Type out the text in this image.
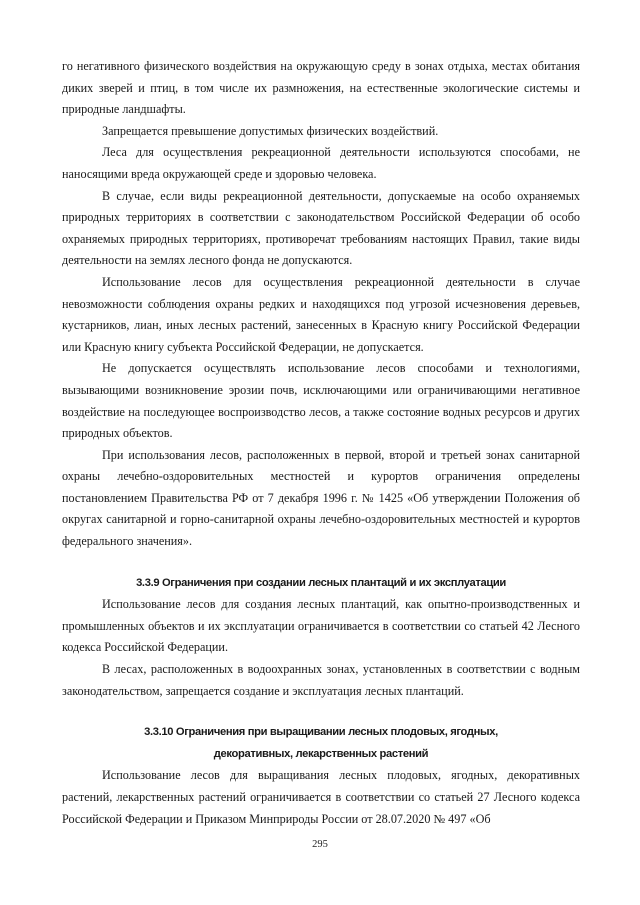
го негативного физического воздействия на окружающую среду в зонах отдыха, местах обитания диких зверей и птиц, в том числе их размножения, на естественные экологические системы и природные ландшафты.

Запрещается превышение допустимых физических воздействий.

Леса для осуществления рекреационной деятельности используются способами, не наносящими вреда окружающей среде и здоровью человека.

В случае, если виды рекреационной деятельности, допускаемые на особо охраняемых природных территориях в соответствии с законодательством Российской Федерации об особо охраняемых природных территориях, противоречат требованиям настоящих Правил, такие виды деятельности на землях лесного фонда не допускаются.

Использование лесов для осуществления рекреационной деятельности в случае невозможности соблюдения охраны редких и находящихся под угрозой исчезновения деревьев, кустарников, лиан, иных лесных растений, занесенных в Красную книгу Российской Федерации или Красную книгу субъекта Российской Федерации, не допускается.

Не допускается осуществлять использование лесов способами и технологиями, вызывающими возникновение эрозии почв, исключающими или ограничивающими негативное воздействие на последующее воспроизводство лесов, а также состояние водных ресурсов и других природных объектов.

При использования лесов, расположенных в первой, второй и третьей зонах санитарной охраны лечебно-оздоровительных местностей и курортов ограничения определены постановлением Правительства РФ от 7 декабря 1996 г. № 1425 «Об утверждении Положения об округах санитарной и горно-санитарной охраны лечебно-оздоровительных местностей и курортов федерального значения».

3.3.9 Ограничения при создании лесных плантаций и их эксплуатации

Использование лесов для создания лесных плантаций, как опытно-производственных и промышленных объектов и их эксплуатации ограничивается в соответствии со статьей 42 Лесного кодекса Российской Федерации.

В лесах, расположенных в водоохранных зонах, установленных в соответствии с водным законодательством, запрещается создание и эксплуатация лесных плантаций.

3.3.10 Ограничения при выращивании лесных плодовых, ягодных,

декоративных, лекарственных растений

Использование лесов для выращивания лесных плодовых, ягодных, декоративных растений, лекарственных растений ограничивается в соответствии со статьей 27 Лесного кодекса Российской Федерации и Приказом Минприроды России от 28.07.2020 № 497 «Об

295
